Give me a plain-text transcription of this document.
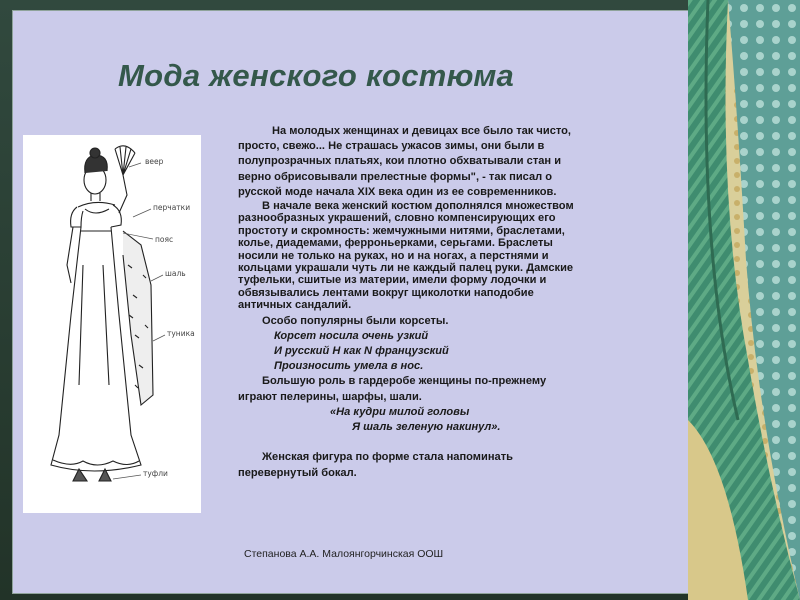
Мода женского костюма
веер
перчатки
пояс
шаль
туника
туфли

На молодых женщинах и девицах все было так чисто,

просто, свежо... Не страшась ужасов зимы, они были в

полупрозрачных платьях, кои плотно обхватывали стан и

верно обрисовывали прелестные формы", - так писал о

русской моде начала XIX века один из ее современников.

В начале века женский костюм дополнялся множеством

разнообразных украшений, словно компенсирующих его

простоту и скромность: жемчужными нитями, браслетами,

колье, диадемами, ферроньерками, серьгами. Браслеты

носили не только на руках, но и на ногах, а перстнями и

кольцами украшали чуть ли не каждый палец руки. Дамские

туфельки, сшитые из материи, имели форму лодочки и

обвязывались лентами вокруг щиколотки наподобие

античных сандалий.

Особо популярны были корсеты.

Корсет носила очень узкий

И русский Н как N французский

Произносить умела в нос.

Большую роль в гардеробе женщины по-прежнему

играют пелерины, шарфы, шали.

«На кудри милой головы

Я шаль зеленую накинул».

Женская фигура по форме стала напоминать

перевернутый бокал.

Степанова А.А. Малоянгорчинская ООШ
